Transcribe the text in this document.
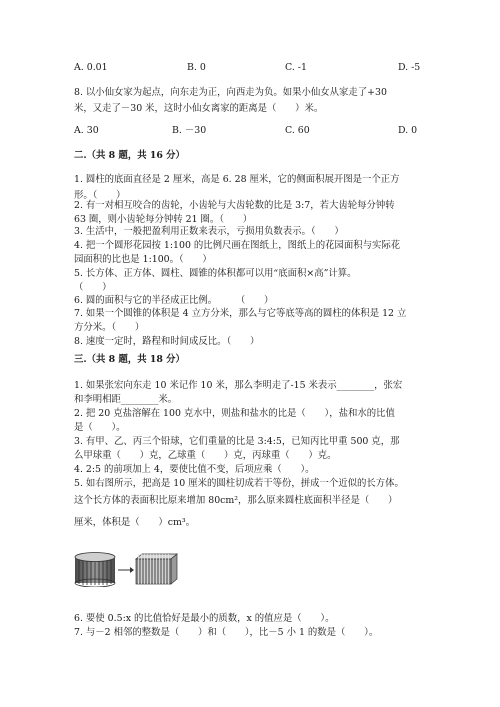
A. 0.01	B. 0	C. -1	D. -5
8. 以小仙女家为起点，向东走为正，向西走为负。如果小仙女从家走了+30
米，又走了－30 米，这时小仙女离家的距离是（　　）米。
A. 30	B. －30	C. 60	D. 0
二.（共 8 题，共 16 分）
1. 圆柱的底面直径是 2 厘米，高是 6. 28 厘米，它的侧面积展开图是一个正方
形。（　　）
2. 有一对相互咬合的齿轮，小齿轮与大齿轮数的比是 3:7，若大齿轮每分钟转
63 圈，则小齿轮每分钟转 21 圈。（　　）
3. 生活中，一般把盈利用正数来表示，亏损用负数表示。（　　）
4. 把一个圆形花园按 1:100 的比例尺画在图纸上，图纸上的花园面积与实际花
园面积的比也是 1:100。（　　）
5. 长方体、正方体、圆柱、圆锥的体积都可以用“底面积×高”计算。
（　　）
6. 圆的面积与它的半径成正比例。　　　（　　）
7. 如果一个圆锥的体积是 4 立方分米，那么与它等底等高的圆柱的体积是 12 立
方分米。（　　）
8. 速度一定时，路程和时间成反比。（　　）
三.（共 8 题，共 18 分）
1. 如果张宏向东走 10 米记作 10 米，那么李明走了-15 米表示________，张宏
和李明相距________米。
2. 把 20 克盐溶解在 100 克水中，则盐和盐水的比是（　　），盐和水的比值
是（　　）。
3. 有甲、乙、丙三个铅球，它们重量的比是 3:4:5，已知丙比甲重 500 克，那
么甲球重（　　）克，乙球重（　　）克，丙球重（　　）克。
4. 2:5 的前项加上 4，要使比值不变，后项应乘（　　）。
5. 如右图所示，把高是 10 厘米的圆柱切成若干等份，拼成一个近似的长方体。
这个长方体的表面积比原来增加 80cm²，那么原来圆柱底面积半径是（　　）
厘米，体积是（　　）cm³。
6. 要使 0.5:x 的比值恰好是最小的质数，x 的值应是（　　）。
7. 与－2 相邻的整数是（　　）和（　　），比－5 小 1 的数是（　　）。
